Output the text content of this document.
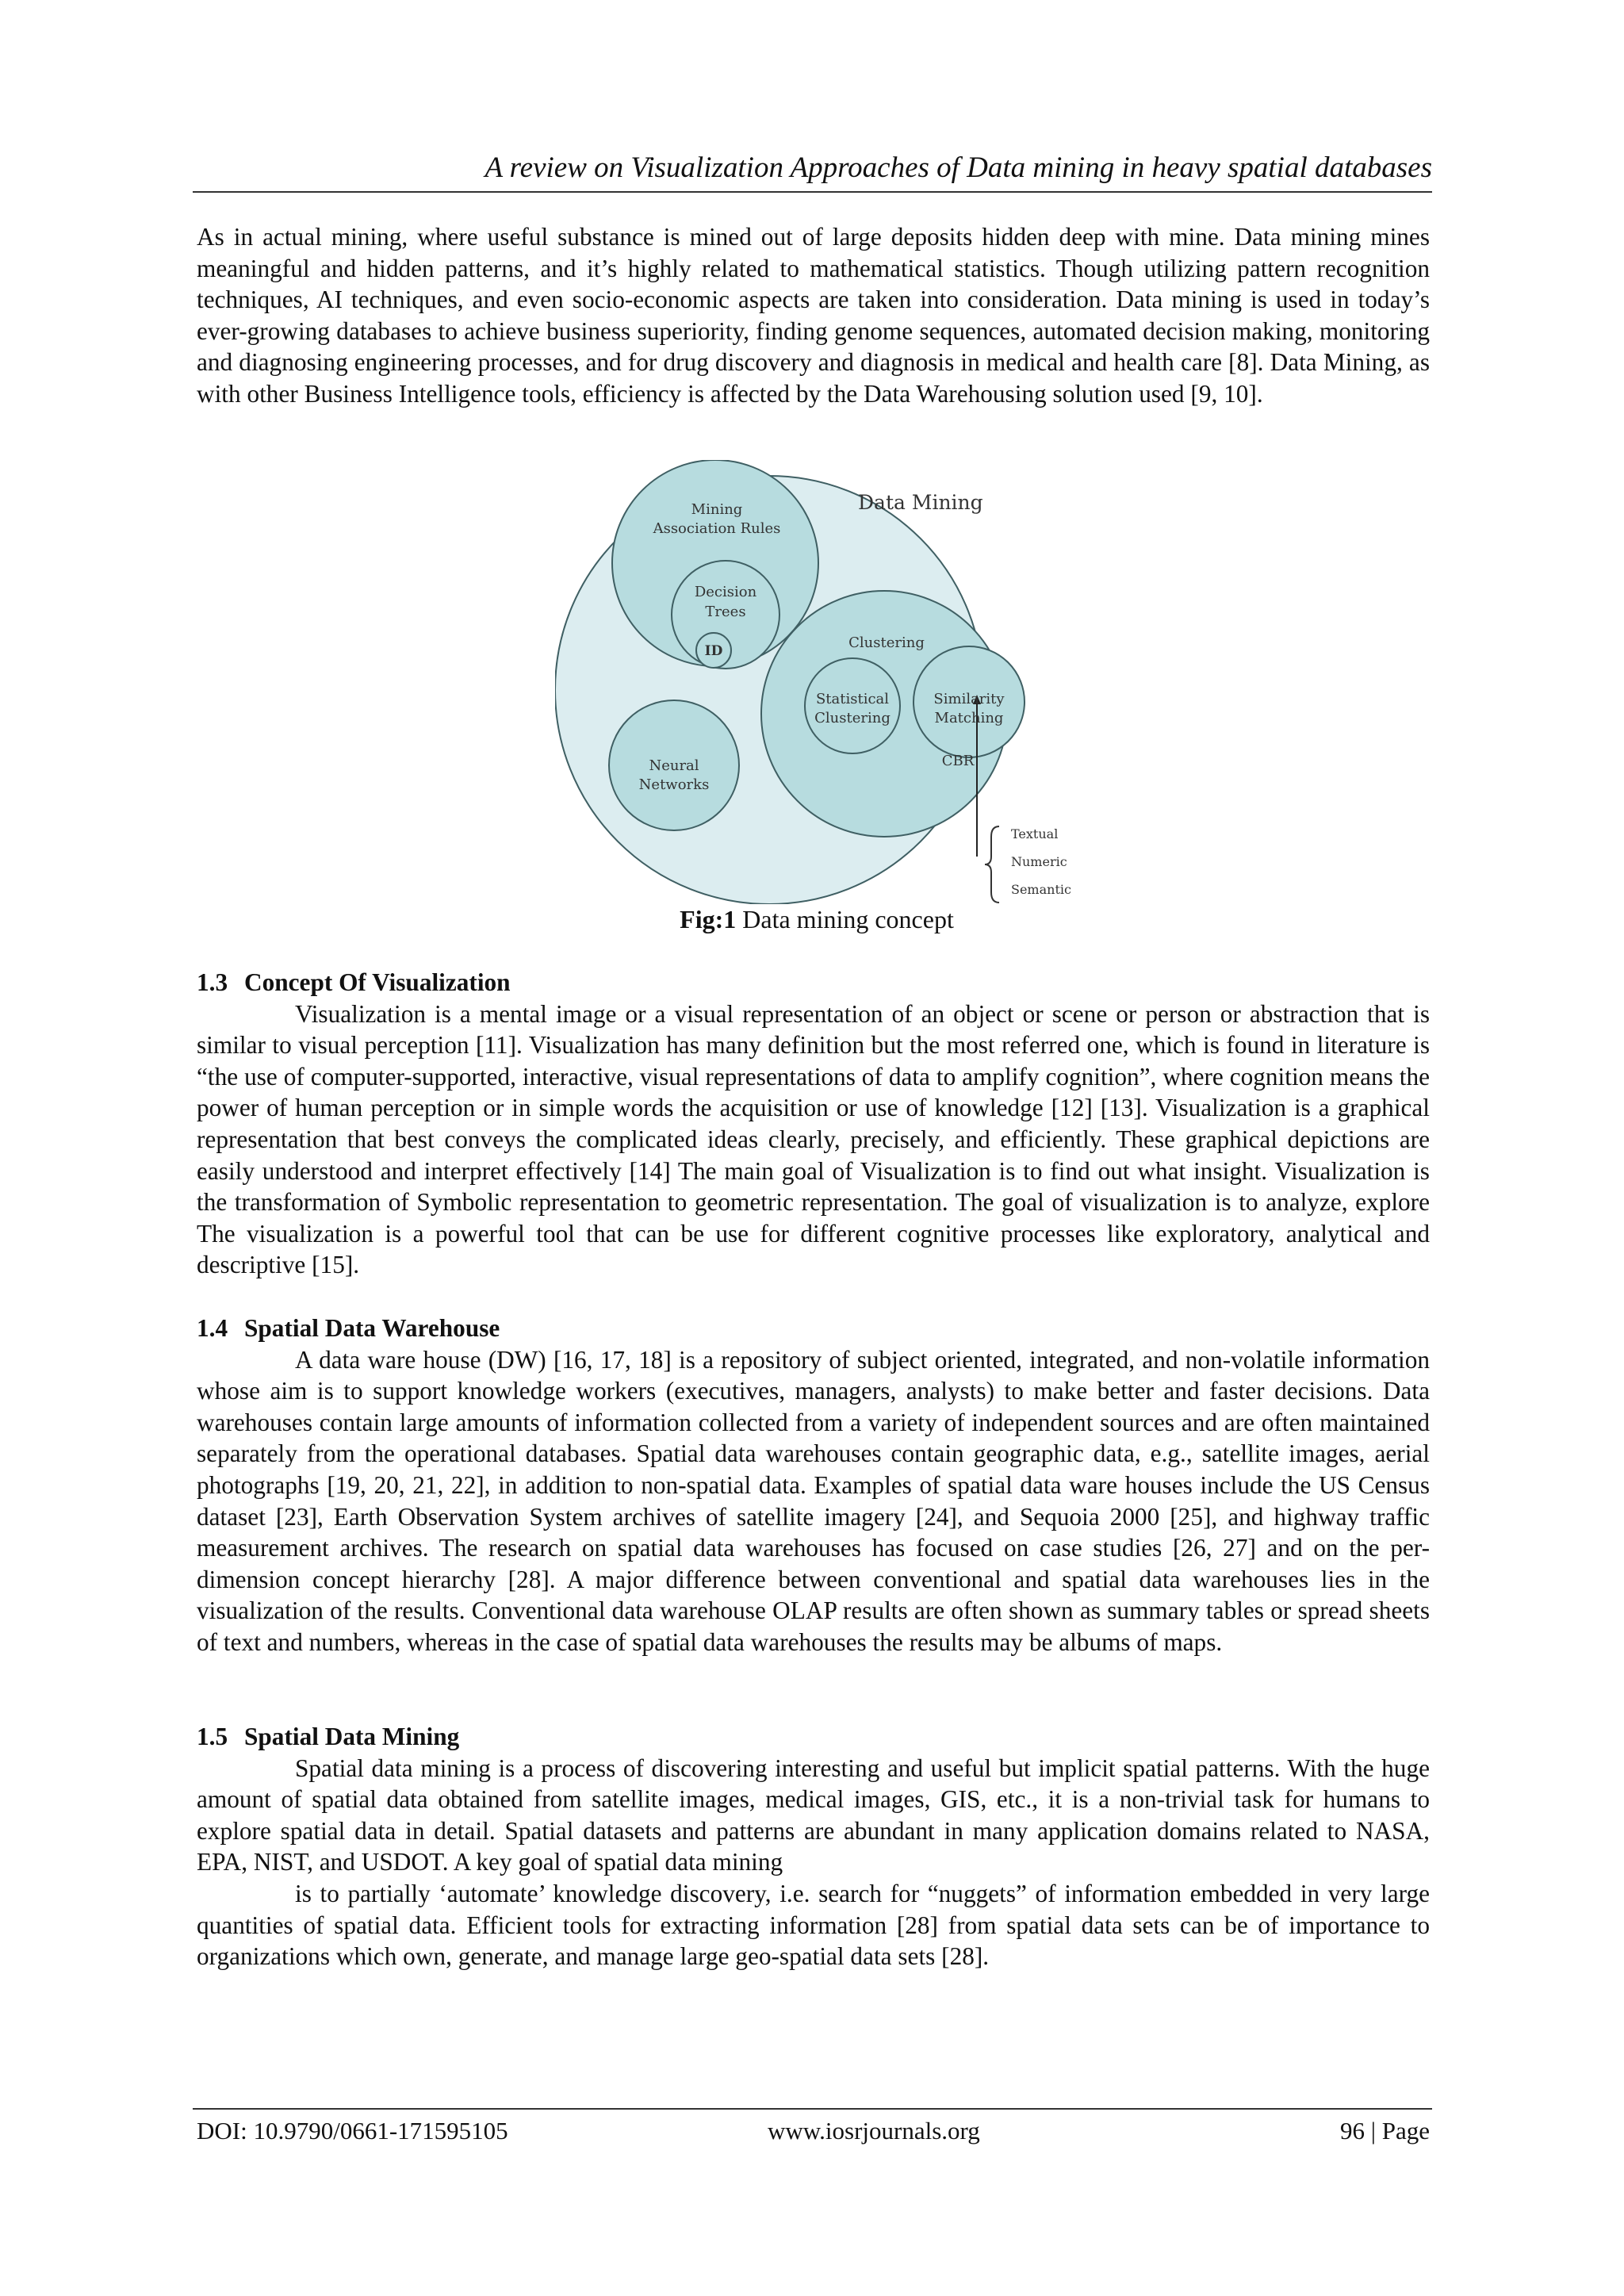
A review on Visualization Approaches of Data mining in heavy spatial databases

As in actual mining, where useful substance is mined out of large deposits hidden deep with mine. Data mining mines meaningful and hidden patterns, and it’s highly related to mathematical statistics. Though utilizing pattern recognition techniques, AI techniques, and even socio-economic aspects are taken into consideration. Data mining is used in today’s ever-growing databases to achieve business superiority, finding genome sequences, automated decision making, monitoring and diagnosing engineering processes, and for drug discovery and diagnosis in medical and health care [8]. Data Mining, as with other Business Intelligence tools, efficiency is affected by the Data Warehousing solution used [9, 10].

Data Mining
Mining
Association Rules
Decision
Trees
ID	Clustering
Statistical
Clustering
Similarity
Matching
CBR
Neural
Networks
Textual
Numeric
Semantic
Fig:1 Data mining concept

1.3 Concept Of Visualization

Visualization is a mental image or a visual representation of an object or scene or person or abstraction that is similar to visual perception [11]. Visualization has many definition but the most referred one, which is found in literature is “the use of computer-supported, interactive, visual representations of data to amplify cognition”, where cognition means the power of human perception or in simple words the acquisition or use of knowledge [12] [13]. Visualization is a graphical representation that best conveys the complicated ideas clearly, precisely, and efficiently. These graphical depictions are easily understood and interpret effectively [14] The main goal of Visualization is to find out what insight. Visualization is the transformation of Symbolic representation to geometric representation. The goal of visualization is to analyze, explore The visualization is a powerful tool that can be use for different cognitive processes like exploratory, analytical and descriptive [15].

1.4 Spatial Data Warehouse

A data ware house (DW) [16, 17, 18] is a repository of subject oriented, integrated, and non-volatile information whose aim is to support knowledge workers (executives, managers, analysts) to make better and faster decisions. Data warehouses contain large amounts of information collected from a variety of independent sources and are often maintained separately from the operational databases. Spatial data warehouses contain geographic data, e.g., satellite images, aerial photographs [19, 20, 21, 22], in addition to non-spatial data. Examples of spatial data ware houses include the US Census dataset [23], Earth Observation System archives of satellite imagery [24], and Sequoia 2000 [25], and highway traffic measurement archives. The research on spatial data warehouses has focused on case studies [26, 27] and on the per-dimension concept hierarchy [28]. A major difference between conventional and spatial data warehouses lies in the visualization of the results. Conventional data warehouse OLAP results are often shown as summary tables or spread sheets of text and numbers, whereas in the case of spatial data warehouses the results may be albums of maps.

1.5 Spatial Data Mining

Spatial data mining is a process of discovering interesting and useful but implicit spatial patterns. With the huge amount of spatial data obtained from satellite images, medical images, GIS, etc., it is a non-trivial task for humans to explore spatial data in detail. Spatial datasets and patterns are abundant in many application domains related to NASA, EPA, NIST, and USDOT. A key goal of spatial data mining

is to partially ‘automate’ knowledge discovery, i.e. search for “nuggets” of information embedded in very large quantities of spatial data. Efficient tools for extracting information [28] from spatial data sets can be of importance to organizations which own, generate, and manage large geo-spatial data sets [28].

DOI: 10.9790/0661-171595105	www.iosrjournals.org	96 | Page
